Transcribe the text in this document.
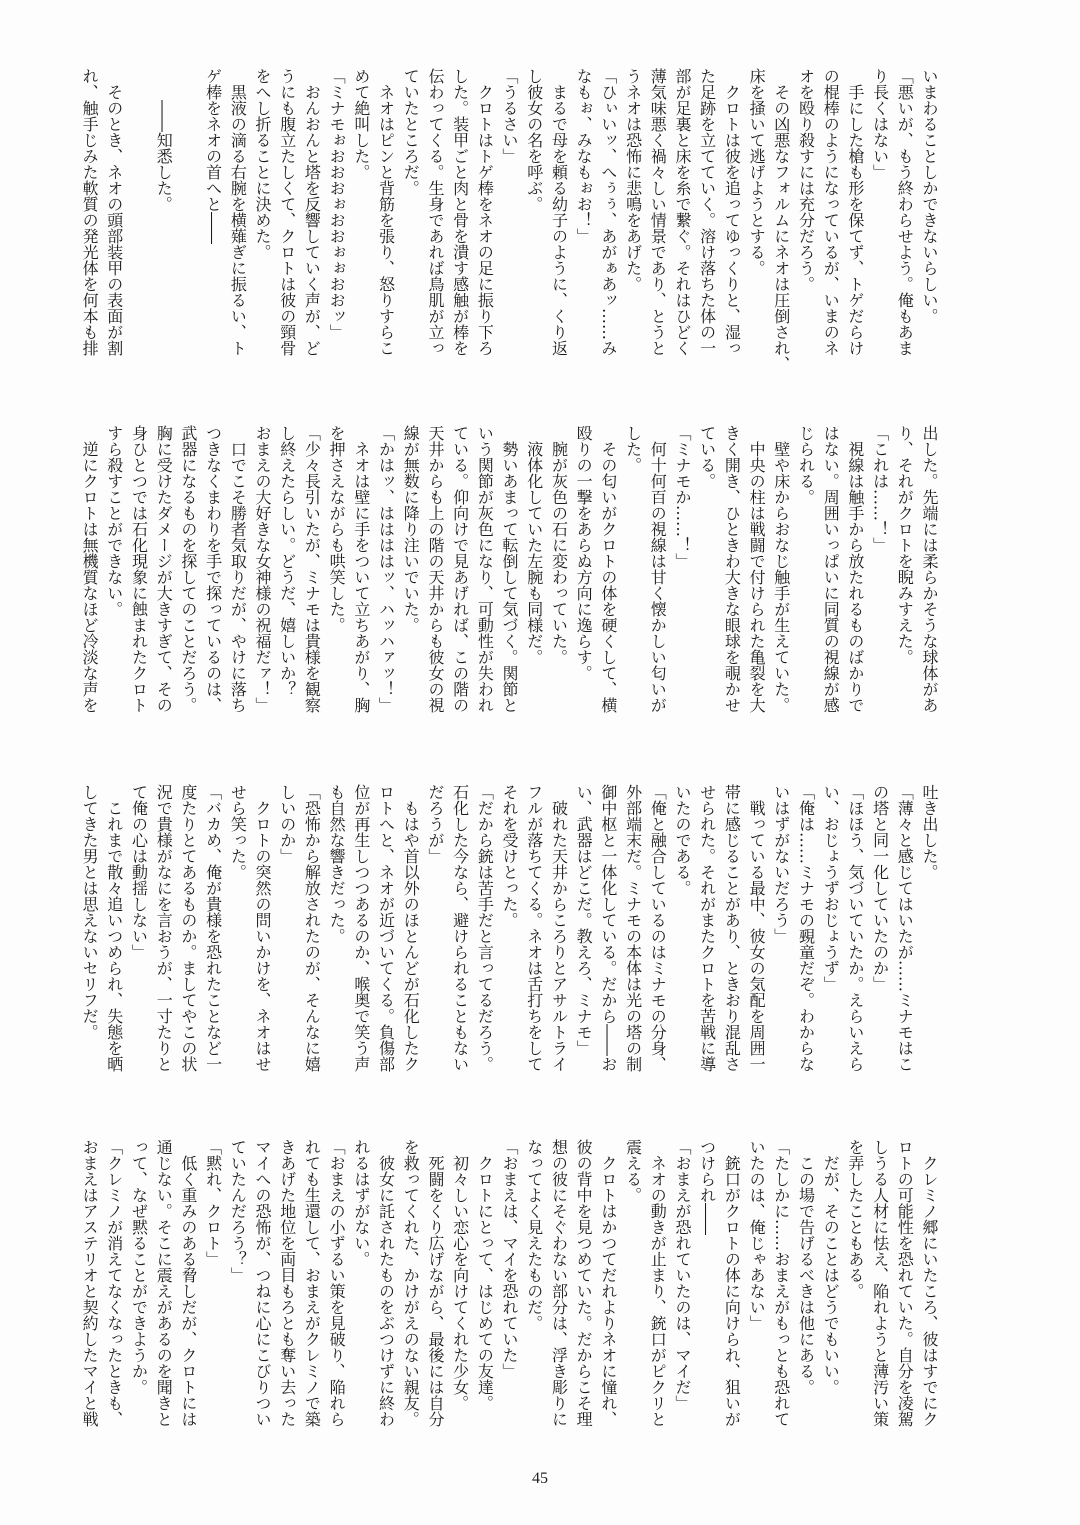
いまわることしかできないらしい。
「悪いが、もう終わらせよう。俺もあま
り長くはない」
　手にした槍も形を保てず、トゲだらけ
の棍棒のようになっているが、いまのネ
オを殴り殺すには充分だろう。
　その凶悪なフォルムにネオは圧倒され、
床を掻いて逃げようとする。
　クロトは彼を追ってゆっくりと、湿っ
た足跡を立てていく。溶け落ちた体の一
部が足裏と床を糸で繋ぐ。それはひどく
薄気味悪く禍々しい情景であり、とうと
うネオは恐怖に悲鳴をあげた。
「ひぃいッ、へぅぅ、あがぁあッ……み
なもぉ、みなもぉお！」
　まるで母を頼る幼子のように、くり返
し彼女の名を呼ぶ。
「うるさい」
　クロトはトゲ棒をネオの足に振り下ろ
した。装甲ごと肉と骨を潰す感触が棒を
伝わってくる。生身であれば鳥肌が立っ
ていたところだ。
　ネオはピンと背筋を張り、怒りすらこ
めて絶叫した。
「ミナモぉおおおぉおおぉぉおおッ」
　おんおんと塔を反響していく声が、ど
うにも腹立たしくて、クロトは彼の頸骨
をへし折ることに決めた。
　黒液の滴る右腕を横薙ぎに振るい、ト
ゲ棒をネオの首へと――
　　――知悉した。
　そのとき、ネオの頭部装甲の表面が割
れ、触手じみた軟質の発光体を何本も排
出した。先端には柔らかそうな球体があ
り、それがクロトを睨みすえた。
「これは……！」
　視線は触手から放たれるものばかりで
はない。周囲いっぱいに同質の視線が感
じられる。
　壁や床からおなじ触手が生えていた。
　中央の柱は戦闘で付けられた亀裂を大
きく開き、ひときわ大きな眼球を覗かせ
ている。
「ミナモか……！」
　何十何百の視線は甘く懐かしい匂いが
した。
　その匂いがクロトの体を硬くして、横
殴りの一撃をあらぬ方向に逸らす。
　腕が灰色の石に変わっていた。
　液体化していた左腕も同様だ。
　勢いあまって転倒して気づく。関節と
いう関節が灰色になり、可動性が失われ
ている。仰向けで見あげれば、この階の
天井からも上の階の天井からも彼女の視
線が無数に降り注いでいた。
「かはッ、ははははッ、ハッハァッ！」
　ネオは壁に手をついて立ちあがり、胸
を押さえながらも哄笑した。
「少々長引いたが、ミナモは貴様を観察
し終えたらしい。どうだ、嬉しいか？
おまえの大好きな女神様の祝福だァ！」
　口でこそ勝者気取りだが、やけに落ち
つきなくまわりを手で探っているのは、
武器になるものを探してのことだろう。
胸に受けたダメージが大きすぎて、その
身ひとつでは石化現象に蝕まれたクロト
すら殺すことができない。
　逆にクロトは無機質なほど冷淡な声を
吐き出した。
「薄々と感じてはいたが……ミナモはこ
の塔と同一化していたのか」
「ほほう、気づいていたか。えらいえら
い、おじょうずおじょうず」
「俺は……ミナモの覡童だぞ。わからな
いはずがないだろう」
　戦っている最中、彼女の気配を周囲一
帯に感じることがあり、ときおり混乱さ
せられた。それがまたクロトを苦戦に導
いたのである。
「俺と融合しているのはミナモの分身、
外部端末だ。ミナモの本体は光の塔の制
御中枢と一体化している。だから――お
い、武器はどこだ。教えろ、ミナモ」
　破れた天井からころりとアサルトライ
フルが落ちてくる。ネオは舌打ちをして
それを受けとった。
「だから銃は苦手だと言ってるだろう。
石化した今なら、避けられることもない
だろうが」
　もはや首以外のほとんどが石化したク
ロトへと、ネオが近づいてくる。負傷部
位が再生しつつあるのか、喉奥で笑う声
も自然な響きだった。
「恐怖から解放されたのが、そんなに嬉
しいのか」
　クロトの突然の問いかけを、ネオはせ
せら笑った。
「バカめ、俺が貴様を恐れたことなど一
度たりとてあるものか。ましてやこの状
況で貴様がなにを言おうが、一寸たりと
て俺の心は動揺しない」
　これまで散々追いつめられ、失態を晒
してきた男とは思えないセリフだ。
　クレミノ郷にいたころ、彼はすでにク
ロトの可能性を恐れていた。自分を凌駕
しうる人材に怯え、陥れようと薄汚い策
を弄したこともある。
　だが、そのことはどうでもいい。
　この場で告げるべきは他にある。
「たしかに……おまえがもっとも恐れて
いたのは、俺じゃあない」
　銃口がクロトの体に向けられ、狙いが
つけられ――
「おまえが恐れていたのは、マイだ」
　ネオの動きが止まり、銃口がピクリと
震える。
　クロトはかつてだれよりネオに憧れ、
彼の背中を見つめていた。だからこそ理
想の彼にそぐわない部分は、浮き彫りに
なってよく見えたものだ。
「おまえは、マイを恐れていた」
　クロトにとって、はじめての友達。
　初々しい恋心を向けてくれた少女。
　死闘をくり広げながら、最後には自分
を救ってくれた、かけがえのない親友。
　彼女に託されたものをぶつけずに終わ
れるはずがない。
「おまえの小ずるい策を見破り、陥れら
れても生還して、おまえがクレミノで築
きあげた地位を両目もろとも奪い去った
マイへの恐怖が、つねに心にこびりつい
ていたんだろう？」
「黙れ、クロト」
　低く重みのある脅しだが、クロトには
通じない。そこに震えがあるのを聞きと
って、なぜ黙ることができようか。
「クレミノが消えてなくなったときも、
おまえはアステリオと契約したマイと戦
45
